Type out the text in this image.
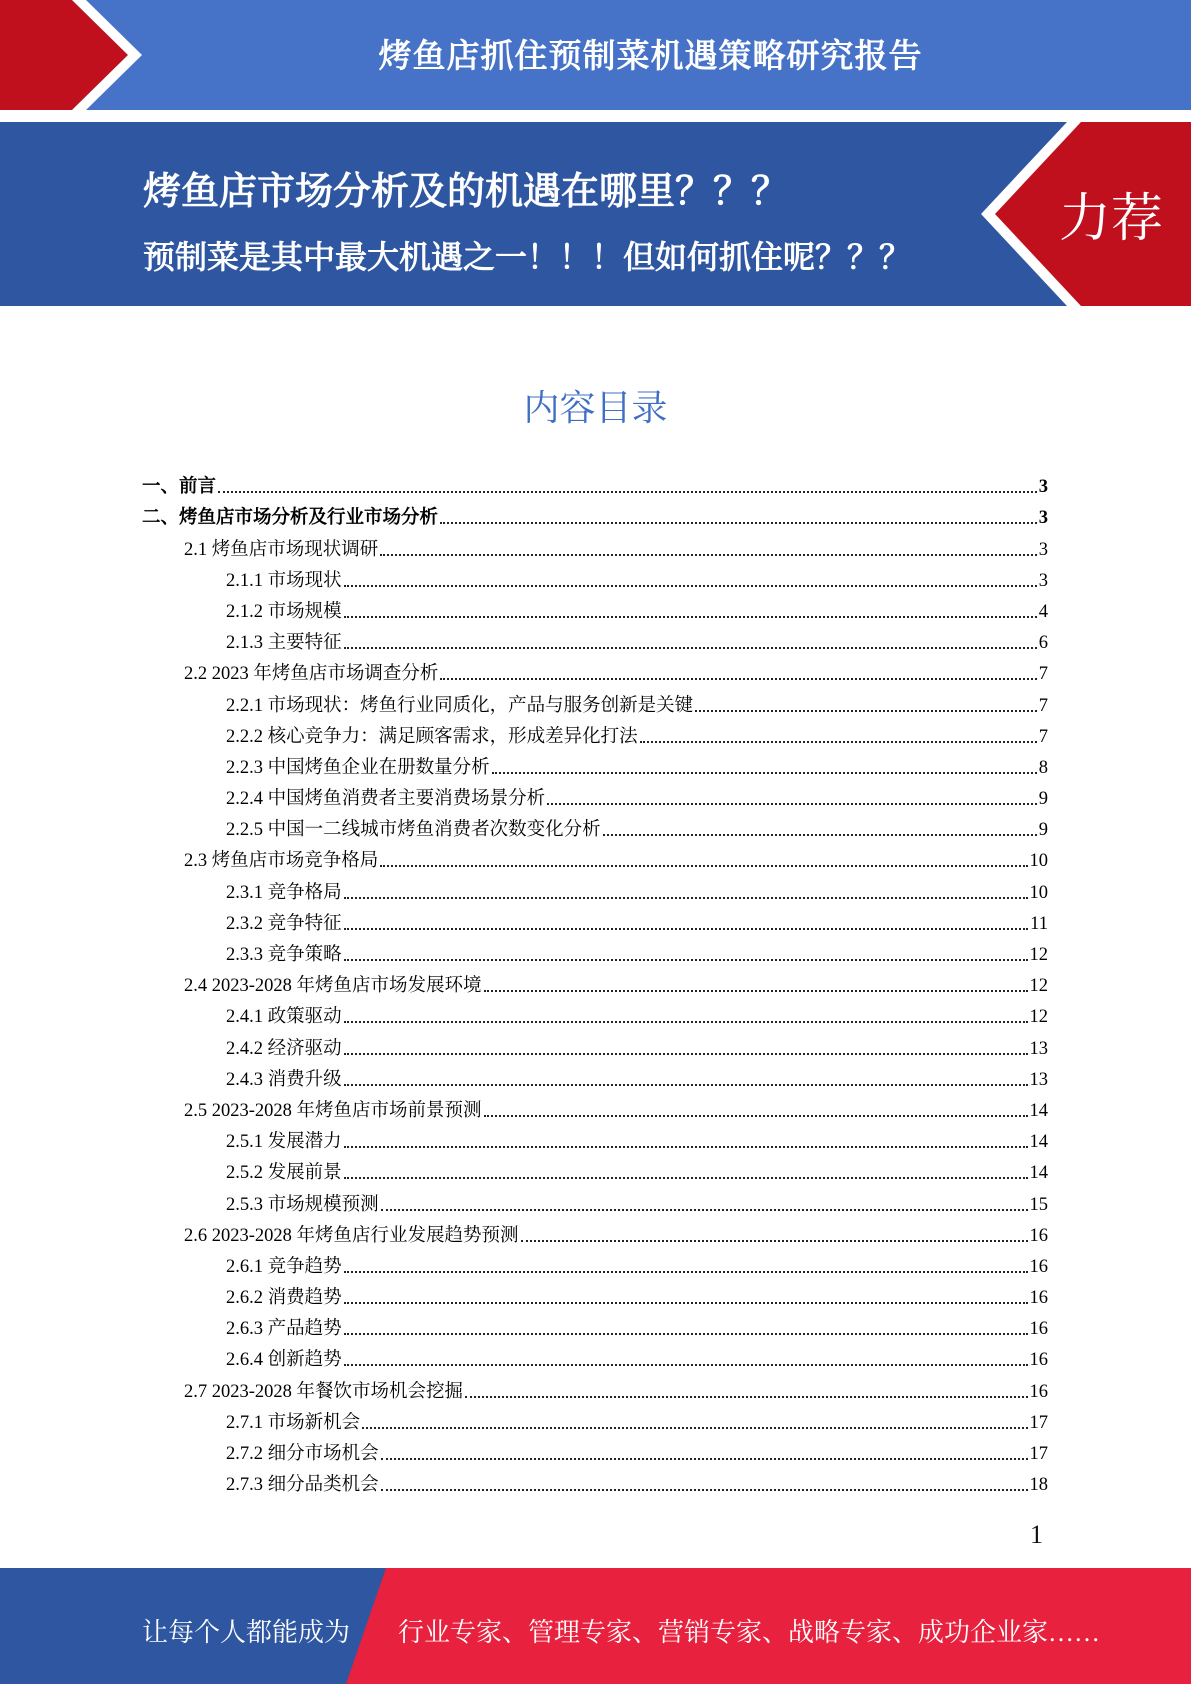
烤鱼店抓住预制菜机遇策略研究报告
烤鱼店市场分析及的机遇在哪里？？？
预制菜是其中最大机遇之一！！！但如何抓住呢？？？
力荐
内容目录
一、前言	3
二、烤鱼店市场分析及行业市场分析	3
2.1 烤鱼店市场现状调研	3
2.1.1 市场现状	3
2.1.2 市场规模	4
2.1.3 主要特征	6
2.2 2023 年烤鱼店市场调查分析	7
2.2.1 市场现状：烤鱼行业同质化，产品与服务创新是关键	7
2.2.2 核心竞争力：满足顾客需求，形成差异化打法	7
2.2.3 中国烤鱼企业在册数量分析	8
2.2.4 中国烤鱼消费者主要消费场景分析	9
2.2.5 中国一二线城市烤鱼消费者次数变化分析	9
2.3 烤鱼店市场竞争格局	10
2.3.1 竞争格局	10
2.3.2 竞争特征	11
2.3.3 竞争策略	12
2.4 2023-2028 年烤鱼店市场发展环境	12
2.4.1 政策驱动	12
2.4.2 经济驱动	13
2.4.3 消费升级	13
2.5 2023-2028 年烤鱼店市场前景预测	14
2.5.1 发展潜力	14
2.5.2 发展前景	14
2.5.3 市场规模预测	15
2.6 2023-2028 年烤鱼店行业发展趋势预测	16
2.6.1 竞争趋势	16
2.6.2 消费趋势	16
2.6.3 产品趋势	16
2.6.4 创新趋势	16
2.7 2023-2028 年餐饮市场机会挖掘	16
2.7.1 市场新机会	17
2.7.2 细分市场机会	17
2.7.3 细分品类机会	18
1
让每个人都能成为 行业专家、管理专家、营销专家、战略专家、成功企业家……
